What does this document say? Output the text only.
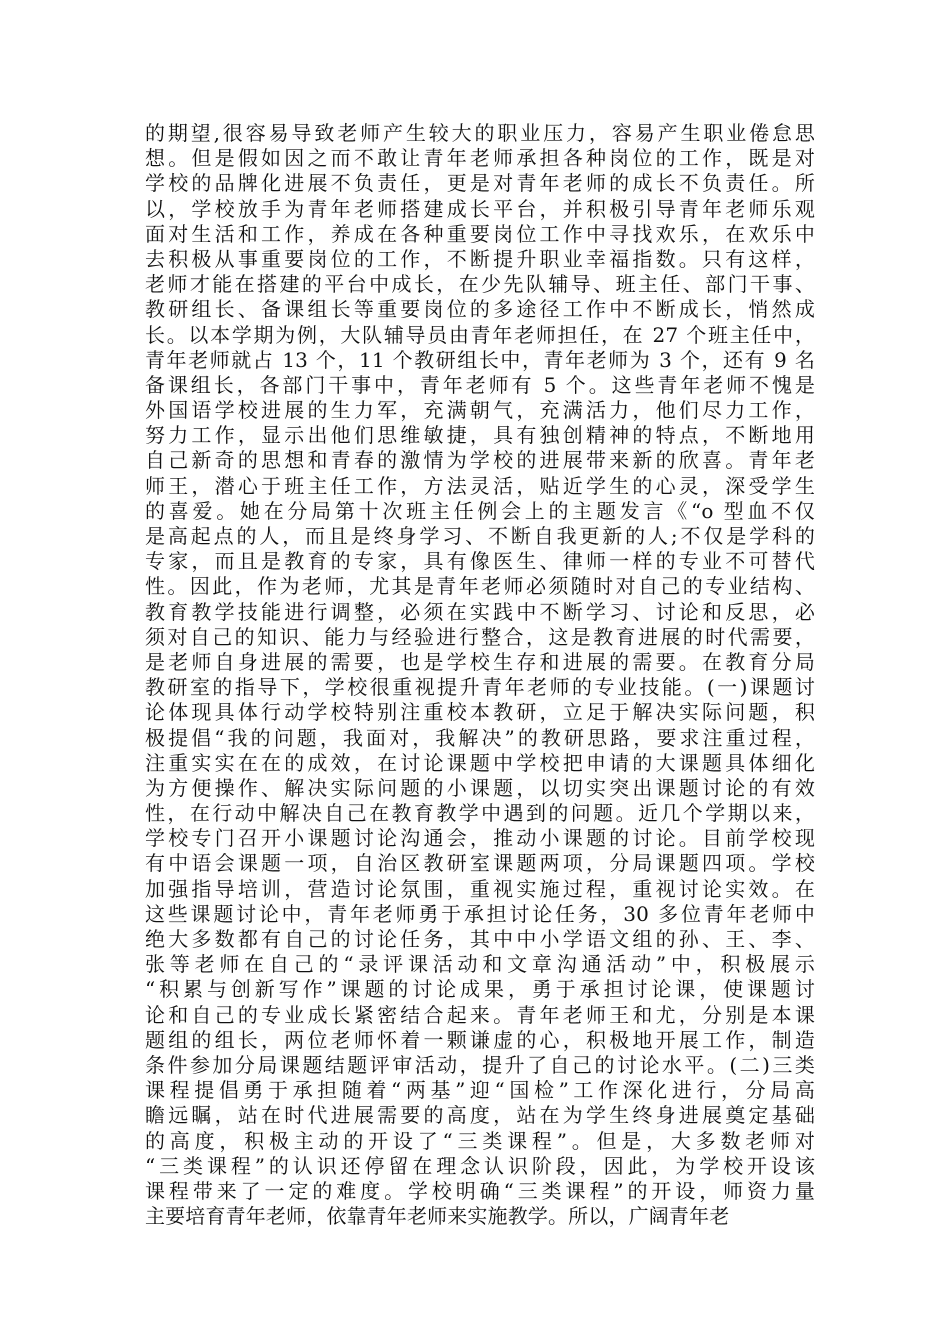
的期望,很容易导致老师产生较大的职业压力，容易产生职业倦怠思
想。但是假如因之而不敢让青年老师承担各种岗位的工作，既是对
学校的品牌化进展不负责任，更是对青年老师的成长不负责任。所
以，学校放手为青年老师搭建成长平台，并积极引导青年老师乐观
面对生活和工作，养成在各种重要岗位工作中寻找欢乐，在欢乐中
去积极从事重要岗位的工作，不断提升职业幸福指数。只有这样，
老师才能在搭建的平台中成长，在少先队辅导、班主任、部门干事、
教研组长、备课组长等重要岗位的多途径工作中不断成长，悄然成
长。以本学期为例，大队辅导员由青年老师担任，在 27 个班主任中，
青年老师就占 13 个，11 个教研组长中，青年老师为 3 个，还有 9 名
备课组长，各部门干事中，青年老师有 5 个。这些青年老师不愧是
外国语学校进展的生力军，充满朝气，充满活力，他们尽力工作，
努力工作，显示出他们思维敏捷，具有独创精神的特点，不断地用
自己新奇的思想和青春的激情为学校的进展带来新的欣喜。青年老
师王，潜心于班主任工作，方法灵活，贴近学生的心灵，深受学生
的喜爱。她在分局第十次班主任例会上的主题发言《“o 型血不仅
是高起点的人，而且是终身学习、不断自我更新的人;不仅是学科的
专家，而且是教育的专家，具有像医生、律师一样的专业不可替代
性。因此，作为老师，尤其是青年老师必须随时对自己的专业结构、
教育教学技能进行调整，必须在实践中不断学习、讨论和反思，必
须对自己的知识、能力与经验进行整合，这是教育进展的时代需要，
是老师自身进展的需要，也是学校生存和进展的需要。在教育分局
教研室的指导下，学校很重视提升青年老师的专业技能。(一)课题讨
论体现具体行动学校特别注重校本教研，立足于解决实际问题，积
极提倡“我的问题，我面对，我解决”的教研思路，要求注重过程，
注重实实在在的成效，在讨论课题中学校把申请的大课题具体细化
为方便操作、解决实际问题的小课题，以切实突出课题讨论的有效
性，在行动中解决自己在教育教学中遇到的问题。近几个学期以来，
学校专门召开小课题讨论沟通会，推动小课题的讨论。目前学校现
有中语会课题一项，自治区教研室课题两项，分局课题四项。学校
加强指导培训，营造讨论氛围，重视实施过程，重视讨论实效。在
这些课题讨论中，青年老师勇于承担讨论任务，30 多位青年老师中
绝大多数都有自己的讨论任务，其中中小学语文组的孙、王、李、
张等老师在自己的“录评课活动和文章沟通活动”中，积极展示
“积累与创新写作”课题的讨论成果，勇于承担讨论课，使课题讨
论和自己的专业成长紧密结合起来。青年老师王和尤，分别是本课
题组的组长，两位老师怀着一颗谦虚的心，积极地开展工作，制造
条件参加分局课题结题评审活动，提升了自己的讨论水平。(二)三类
课程提倡勇于承担随着“两基”迎“国检”工作深化进行，分局高
瞻远瞩，站在时代进展需要的高度，站在为学生终身进展奠定基础
的高度，积极主动的开设了“三类课程”。但是，大多数老师对
“三类课程”的认识还停留在理念认识阶段，因此，为学校开设该
课程带来了一定的难度。学校明确“三类课程”的开设，师资力量
主要培育青年老师，依靠青年老师来实施教学。所以，广阔青年老
